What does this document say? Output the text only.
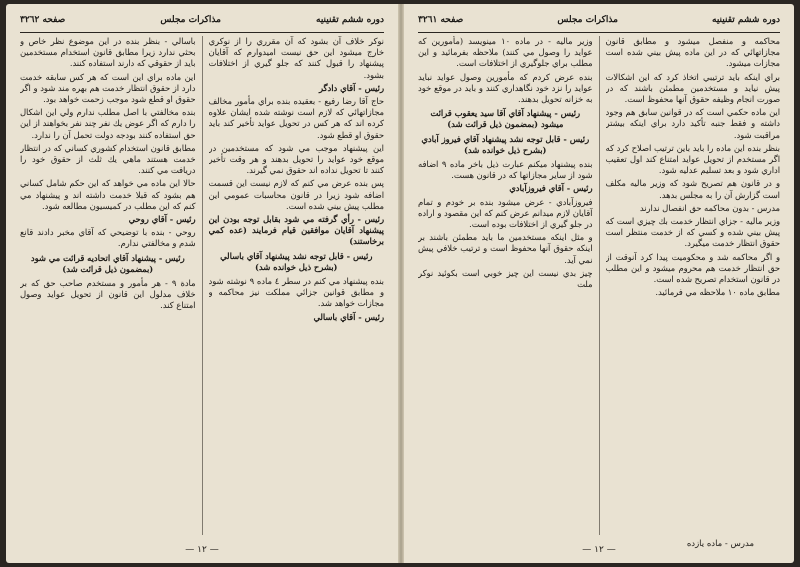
دوره ششم تقنينيه
مذاكرات مجلس
صفحه ٣٢٦٢

نوكر خلاف آن بشود كه آن مقرري را از نوكري خارج ميشود اين حق نيست اميدوارم كه آقايان پيشنهاد را قبول كنند كه جلو گيري از اختلافات بشود.

رئيس - آقاي دادگر

حاج آقا رضا رفيع - بعقيده بنده براي مأمور مخالف مجازاتهائي كه لازم است نوشته شده ايشان علاوه كرده اند كه هر كس در تحويل عوايد تأخير كند بايد حقوق او قطع شود.

اين پيشنهاد موجب مي شود كه مستخدمين در موقع خود عوايد را تحويل بدهند و هر وقت تأخير كنند تا تحويل نداده اند حقوق نمي گيرند.

پس بنده عرض مي كنم كه لازم نيست اين قسمت اضافه شود زيرا در قانون محاسبات عمومي اين مطلب پيش بيني شده است.

رئيس - رأي گرفته مي شود بقابل توجه بودن اين پيشنهاد آقايان موافقين قيام فرمايند (عده كمي برخاستند)

رئيس - قابل توجه نشد پيشنهاد آقاي باسالي (بشرح ذيل خوانده شد)

بنده پيشنهاد مي كنم در سطر ٤ ماده ٩ نوشته شود و مطابق قوانين جزائي مملكت نيز محاكمه و مجازات خواهد شد.

رئيس - آقاي باسالي

باسالي - بنظر بنده در اين موضوع نظر خاص و بحثي ندارد زيرا مطابق قانون استخدام مستخدمين بايد از حقوقي كه دارند استفاده كنند.

اين ماده براي اين است كه هر كس سابقه خدمت دارد از حقوق انتظار خدمت هم بهره مند شود و اگر حقوق او قطع شود موجب زحمت خواهد بود.

بنده مخالفتي با اصل مطلب ندارم ولي اين اشكال را دارم كه اگر عوض يك نفر چند نفر بخواهند از اين حق استفاده كنند بودجه دولت تحمل آن را ندارد.

مطابق قانون استخدام كشوري كساني كه در انتظار خدمت هستند ماهي يك ثلث از حقوق خود را دريافت مي كنند.

حالا اين ماده مي خواهد كه اين حكم شامل كساني هم بشود كه قبلا خدمت داشته اند و پيشنهاد مي كنم كه اين مطلب در كميسيون مطالعه شود.

رئيس - آقاي روحي

روحي - بنده با توضيحي كه آقاي مخبر دادند قانع شدم و مخالفتي ندارم.

رئيس - پيشنهاد آقاي اتحاديه قرائت مي شود (بمضمون ذيل قرائت شد)

مادة ٩ - هر مأمور و مستخدم صاحب حق كه بر خلاف مدلول اين قانون از تحويل عوايد وصول امتناع كند.

— ١٢ —
دوره ششم تقنينيه
مذاكرات مجلس
صفحه ٣٢٦١

محاكمه و منفصل ميشود و مطابق قانون مجازاتهائي كه در اين ماده پيش بيني شده است مجازات ميشود.

براي اينكه بايد ترتيبي اتخاذ كرد كه اين اشكالات پيش نيايد و مستخدمين مطمئن باشند كه در صورت انجام وظيفه حقوق آنها محفوظ است.

اين ماده حكمي است كه در قوانين سابق هم وجود داشته و فقط جنبه تأكيد دارد براي اينكه بيشتر مراقبت شود.

بنظر بنده اين ماده را بايد باين ترتيب اصلاح كرد كه اگر مستخدم از تحويل عوايد امتناع كند اول تعقيب اداري شود و بعد تسليم عدليه شود.

و در قانون هم تصريح شود كه وزير ماليه مكلف است گزارش آن را به مجلس بدهد.

مدرس - بدون محاكمه حق انفصال ندارند

وزير ماليه - جزاي انتظار خدمت بك چيزي است كه پيش بيني شده و كسي كه از خدمت منتظر است حقوق انتظار خدمت ميگيرد.

و اگر محاكمه شد و محكوميت پيدا كرد آنوقت از حق انتظار خدمت هم محروم ميشود و اين مطلب در قانون استخدام تصريح شده است.

مطابق ماده ١٠ ملاحظه مي فرمائيد.

وزير ماليه - در ماده ١٠ مينويسد (مأمورين كه عوايد را وصول مي كنند) ملاحظه بفرمائيد و اين مطلب براي جلوگيري از اختلافات است.

بنده عرض كردم كه مأمورين وصول عوايد نبايد عوايد را نزد خود نگاهداري كنند و بايد در موقع خود به خزانه تحويل بدهند.

رئيس - پيشنهاد آقاي آقا سيد يعقوب قرائت ميشود (بمضمون ذيل قرائت شد)

رئيس - قابل توجه نشد پيشنهاد آقاي فيروز آبادي (بشرح ذيل خوانده شد)

بنده پيشنهاد ميكنم عبارت ذيل باخر ماده ٩ اضافه شود از ساير مجازاتها كه در قانون هست.

رئيس - آقاي فيروزآبادي

فيروزآبادي - عرض ميشود بنده بر خودم و تمام آقايان لازم ميدانم عرض كنم كه اين مقصود و اراده در جلو گيري از اختلافات بوده است.

و مثل اينكه مستخدمين ما بايد مطمئن باشند بر اينكه حقوق آنها محفوظ است و ترتيب خلافي پيش نمي آيد.

چيز بدي نيست اين چيز خوبي است بكوئيد نوكر ملت

مدرس - ماده يازده
— ١٢ —
